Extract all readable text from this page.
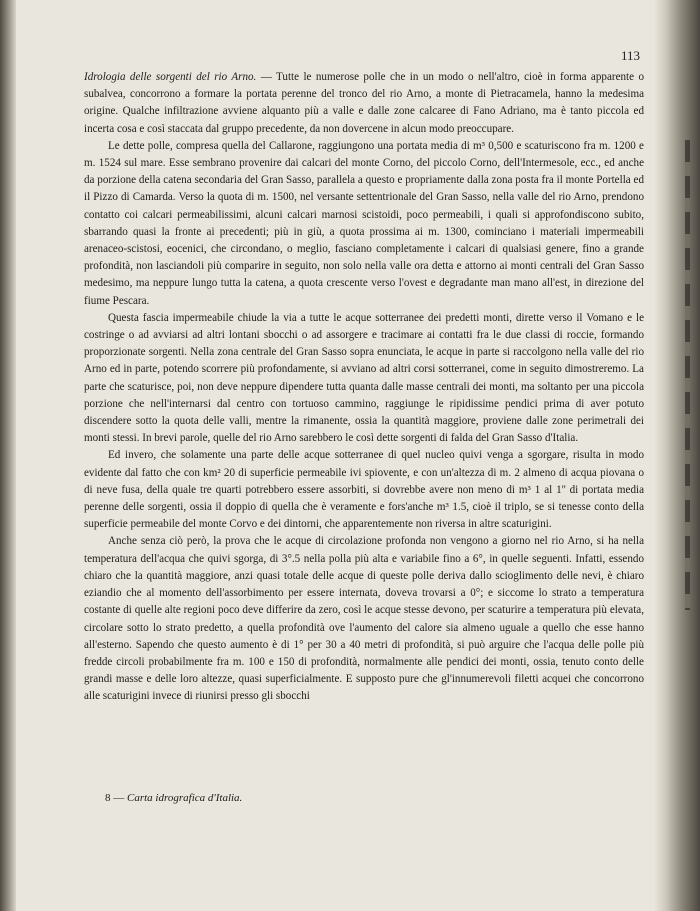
113

Idrologia delle sorgenti del rio Arno. — Tutte le numerose polle che in un modo o nell'altro, cioè in forma apparente o subalvea, concorrono a formare la portata perenne del tronco del rio Arno, a monte di Pietracamela, hanno la medesima origine. Qualche infiltrazione avviene alquanto più a valle e dalle zone calcaree di Fano Adriano, ma è tanto piccola ed incerta cosa e così staccata dal gruppo precedente, da non dovercene in alcun modo preoccupare.

Le dette polle, compresa quella del Callarone, raggiungono una portata media di m³ 0,500 e scaturiscono fra m. 1200 e m. 1524 sul mare. Esse sembrano provenire dai calcari del monte Corno, del piccolo Corno, dell'Intermesole, ecc., ed anche da porzione della catena secondaria del Gran Sasso, parallela a questo e propriamente dalla zona posta fra il monte Portella ed il Pizzo di Camarda. Verso la quota di m. 1500, nel versante settentrionale del Gran Sasso, nella valle del rio Arno, prendono contatto coi calcari permeabilissimi, alcuni calcari marnosi scistoidi, poco permeabili, i quali si approfondiscono subito, sbarrando quasi la fronte ai precedenti; più in giù, a quota prossima ai m. 1300, cominciano i materiali impermeabili arenaceo-scistosi, eocenici, che circondano, o meglio, fasciano completamente i calcari di qualsiasi genere, fino a grande profondità, non lasciandoli più comparire in seguito, non solo nella valle ora detta e attorno ai monti centrali del Gran Sasso medesimo, ma neppure lungo tutta la catena, a quota crescente verso l'ovest e degradante man mano all'est, in direzione del fiume Pescara.

Questa fascia impermeabile chiude la via a tutte le acque sotterranee dei predetti monti, dirette verso il Vomano e le costringe o ad avviarsi ad altri lontani sbocchi o ad assorgere e tracimare ai contatti fra le due classi di roccie, formando proporzionate sorgenti. Nella zona centrale del Gran Sasso sopra enunciata, le acque in parte si raccolgono nella valle del rio Arno ed in parte, potendo scorrere più profondamente, si avviano ad altri corsi sotterranei, come in seguito dimostreremo. La parte che scaturisce, poi, non deve neppure dipendere tutta quanta dalle masse centrali dei monti, ma soltanto per una piccola porzione che nell'internarsi dal centro con tortuoso cammino, raggiunge le ripidissime pendici prima di aver potuto discendere sotto la quota delle valli, mentre la rimanente, ossia la quantità maggiore, proviene dalle zone perimetrali dei monti stessi. In brevi parole, quelle del rio Arno sarebbero le così dette sorgenti di falda del Gran Sasso d'Italia.

Ed invero, che solamente una parte delle acque sotterranee di quel nucleo quivi venga a sgorgare, risulta in modo evidente dal fatto che con km² 20 di superficie permeabile ivi spiovente, e con un'altezza di m. 2 almeno di acqua piovana o di neve fusa, della quale tre quarti potrebbero essere assorbiti, si dovrebbe avere non meno di m³ 1 al 1'' di portata media perenne delle sorgenti, ossia il doppio di quella che è veramente e fors'anche m³ 1.5, cioè il triplo, se si tenesse conto della superficie permeabile del monte Corvo e dei dintorni, che apparentemente non riversa in altre scaturigini.

Anche senza ciò però, la prova che le acque di circolazione profonda non vengono a giorno nel rio Arno, si ha nella temperatura dell'acqua che quivi sgorga, di 3°.5 nella polla più alta e variabile fino a 6°, in quelle seguenti. Infatti, essendo chiaro che la quantità maggiore, anzi quasi totale delle acque di queste polle deriva dallo scioglimento delle nevi, è chiaro eziandio che al momento dell'assorbimento per essere internata, doveva trovarsi a 0°; e siccome lo strato a temperatura costante di quelle alte regioni poco deve differire da zero, così le acque stesse devono, per scaturire a temperatura più elevata, circolare sotto lo strato predetto, a quella profondità ove l'aumento del calore sia almeno uguale a quello che esse hanno all'esterno. Sapendo che questo aumento è di 1° per 30 a 40 metri di profondità, si può arguire che l'acqua delle polle più fredde circoli probabilmente fra m. 100 e 150 di profondità, normalmente alle pendici dei monti, ossia, tenuto conto delle grandi masse e delle loro altezze, quasi superficialmente. E supposto pure che gl'innumerevoli filetti acquei che concorrono alle scaturigini invece di riunirsi presso gli sbocchi

8 — Carta idrografica d'Italia.
